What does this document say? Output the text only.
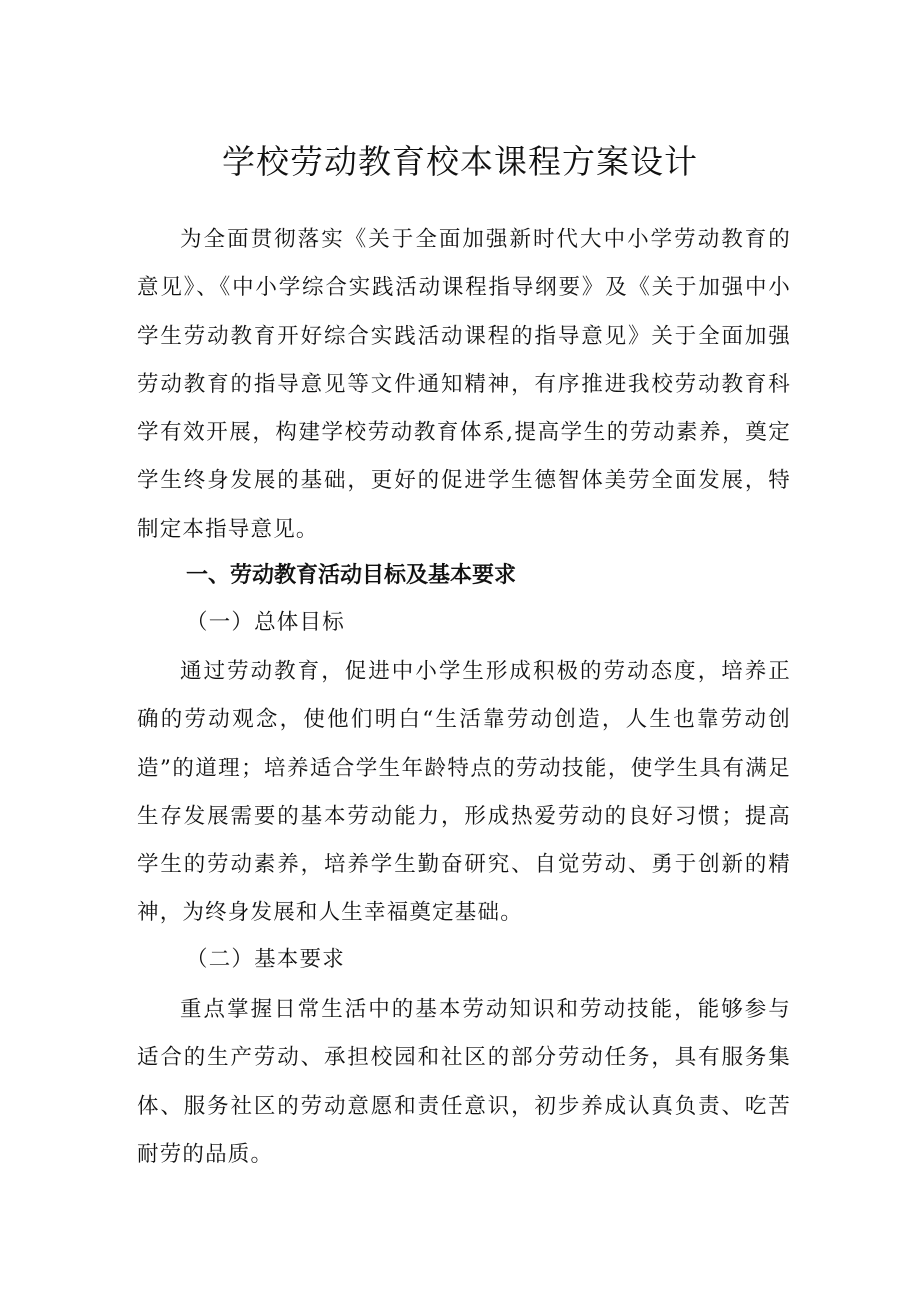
学校劳动教育校本课程方案设计

为全面贯彻落实《关于全面加强新时代大中小学劳动教育的意见》、《中小学综合实践活动课程指导纲要》及《关于加强中小学生劳动教育开好综合实践活动课程的指导意见》关于全面加强劳动教育的指导意见等文件通知精神，有序推进我校劳动教育科学有效开展，构建学校劳动教育体系,提高学生的劳动素养，奠定学生终身发展的基础，更好的促进学生德智体美劳全面发展，特制定本指导意见。

一、劳动教育活动目标及基本要求
（一）总体目标

通过劳动教育，促进中小学生形成积极的劳动态度，培养正确的劳动观念，使他们明白“生活靠劳动创造，人生也靠劳动创造”的道理；培养适合学生年龄特点的劳动技能，使学生具有满足生存发展需要的基本劳动能力，形成热爱劳动的良好习惯；提高学生的劳动素养，培养学生勤奋研究、自觉劳动、勇于创新的精神，为终身发展和人生幸福奠定基础。

（二）基本要求

重点掌握日常生活中的基本劳动知识和劳动技能，能够参与适合的生产劳动、承担校园和社区的部分劳动任务，具有服务集体、服务社区的劳动意愿和责任意识，初步养成认真负责、吃苦耐劳的品质。
